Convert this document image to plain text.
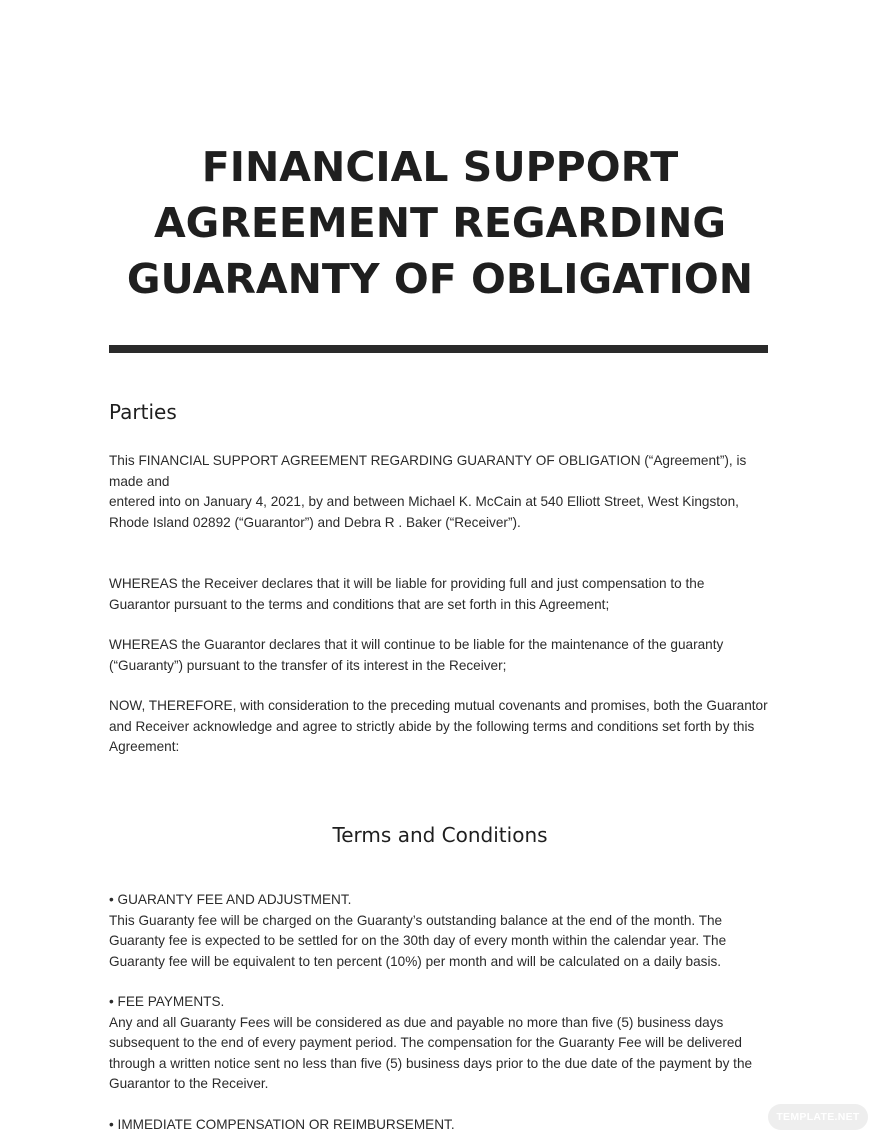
FINANCIAL SUPPORT
AGREEMENT REGARDING
GUARANTY OF OBLIGATION
Parties

This FINANCIAL SUPPORT AGREEMENT REGARDING GUARANTY OF OBLIGATION (“Agreement”), is made and
entered into on January 4, 2021, by and between Michael K. McCain at 540 Elliott Street, West Kingston,
Rhode Island 02892 (“Guarantor”) and Debra R . Baker (“Receiver”).

WHEREAS the Receiver declares that it will be liable for providing full and just compensation to the
Guarantor pursuant to the terms and conditions that are set forth in this Agreement;

WHEREAS the Guarantor declares that it will continue to be liable for the maintenance of the guaranty
(“Guaranty”) pursuant to the transfer of its interest in the Receiver;

NOW, THEREFORE, with consideration to the preceding mutual covenants and promises, both the Guarantor
and Receiver acknowledge and agree to strictly abide by the following terms and conditions set forth by this
Agreement:

Terms and Conditions

• GUARANTY FEE AND ADJUSTMENT.
This Guaranty fee will be charged on the Guaranty’s outstanding balance at the end of the month. The
Guaranty fee is expected to be settled for on the 30th day of every month within the calendar year. The
Guaranty fee will be equivalent to ten percent (10%) per month and will be calculated on a daily basis.

• FEE PAYMENTS.
Any and all Guaranty Fees will be considered as due and payable no more than five (5) business days
subsequent to the end of every payment period. The compensation for the Guaranty Fee will be delivered
through a written notice sent no less than five (5) business days prior to the due date of the payment by the
Guarantor to the Receiver.

• IMMEDIATE COMPENSATION OR REIMBURSEMENT.	TEMPLATE.NET
